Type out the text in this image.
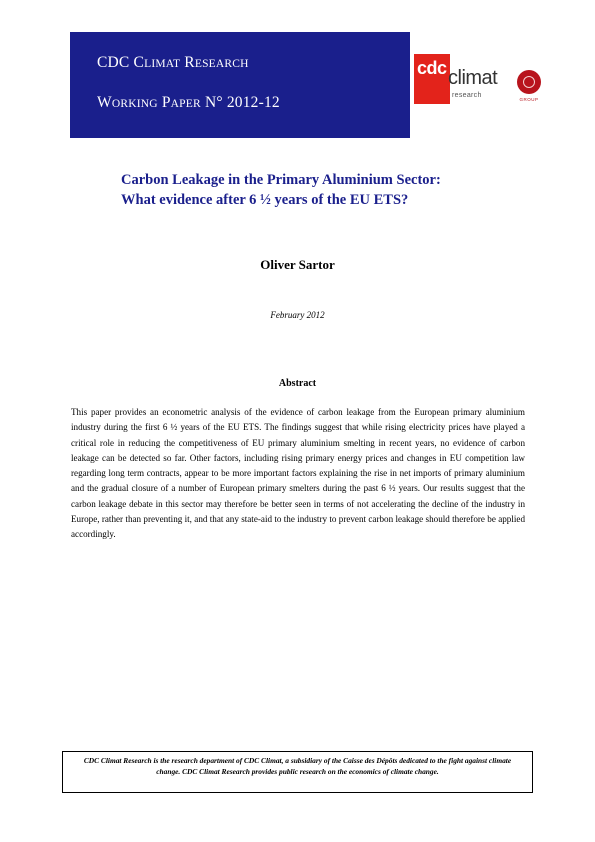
CDC CLIMAT RESEARCH
WORKING PAPER N° 2012-12
cdc climat
research
GROUP
Carbon Leakage in the Primary Aluminium Sector:
What evidence after 6 ½ years of the EU ETS?
Oliver Sartor
February 2012
Abstract
This paper provides an econometric analysis of the evidence of carbon leakage from the European primary aluminium industry during the first 6 ½ years of the EU ETS. The findings suggest that while rising electricity prices have played a critical role in reducing the competitiveness of EU primary aluminium smelting in recent years, no evidence of carbon leakage can be detected so far. Other factors, including rising primary energy prices and changes in EU competition law regarding long term contracts, appear to be more important factors explaining the rise in net imports of primary aluminium and the gradual closure of a number of European primary smelters during the past 6 ½ years. Our results suggest that the carbon leakage debate in this sector may therefore be better seen in terms of not accelerating the decline of the industry in Europe, rather than preventing it, and that any state-aid to the industry to prevent carbon leakage should therefore be applied accordingly.

CDC Climat Research is the research department of CDC Climat, a subsidiary of the Caisse des Dépôts dedicated to the fight against climate change. CDC Climat Research provides public research on the economics of climate change.
